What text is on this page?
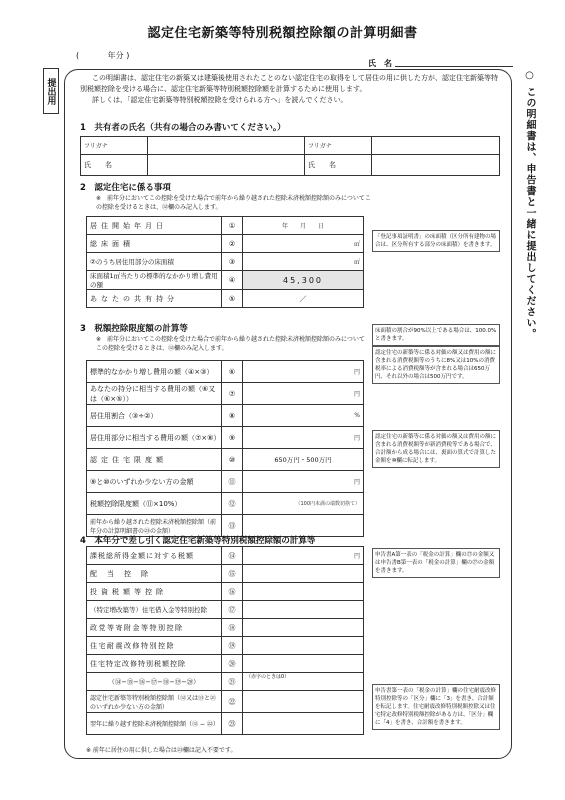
認定住宅新築等特別税額控除額の計算明細書
(	年分 )
氏　名
提出用	○ この明細書は、申告書と一緒に提出してください。
この明細書は、認定住宅の新築又は建築後使用されたことのない認定住宅の取得をして居住の用に供した方が、認定住宅新築等特別税額控除を受ける場合に、認定住宅新築等特別税額控除額を計算するために使用します。
詳しくは、「認定住宅新築等特別税額控除を受けられる方へ」を読んでください。
1　共有者の氏名（共有の場合のみ書いてください。）
フリガナ		フリガナ	
氏　　名		氏　　名	
2　認定住宅に係る事項
※　前年分においてこの控除を受けた場合で前年から繰り越された控除未済税額控除額のみについてこの控除を受けるときは、⑫欄のみ記入します。
居住開始年月日	①	年　　月　　日
総床面積	②	㎡
②のうち居住用部分の床面積	③	㎡
床面積1㎡当たりの標準的なかかり増し費用の額	④	45,300
あなたの共有持分	⑤	／
「登記事項証明書」の床面積（区分所有建物の場合は、区分所有する部分の床面積）を書きます。
3　税額控除限度額の計算等
※　前年分においてこの控除を受けた場合で前年から繰り越された控除未済税額控除額のみについてこの控除を受けるときは、⑫欄のみ記入します。
標準的なかかり増し費用の額（④×③）	⑥	円
あなたの持分に相当する費用の額（⑥又は（⑥×⑤））	⑦	円
居住用割合（③÷②）	⑧	%
居住用部分に相当する費用の額（⑦×⑧）	⑨	円
認定住宅限度額	⑩	650万円・500万円
⑨と⑩のいずれか少ない方の金額	⑪	円
税額控除限度額（⑪×10%）	⑫	（100円未満の端数切捨て）
前年から繰り越された控除未済税額控除額（前年分の計算明細書の㉓の金額）	⑬	
床面積の割合が90%以上である場合は、100.0%と書きます。
認定住宅の新築等に係る対価の額又は費用の額に含まれる消費税額等のうちに8%又は10%の消費税率による消費税額等が含まれる場合は650万円、それ以外の場合は500万円です。
認定住宅の新築等に係る対価の額又は費用の額に含まれる消費税額等が新消費税等である場合で、合計額から成る場合には、裏面の算式で計算した金額を⑩欄に転記します。
4　本年分で差し引く認定住宅新築等特別税額控除額の計算等
課税総所得金額に対する税額	⑭	円
配当控除	⑮	
投資税額等控除	⑯	
（特定増改築等）住宅借入金等特別控除	⑰	
政党等寄附金等特別控除	⑱	
住宅耐震改修特別控除	⑲	
住宅特定改修特別税額控除	⑳	
（⑭−⑮−⑯−⑰−⑱−⑲−⑳）	㉑	（赤字のときは0）
認定住宅新築等特別税額控除額（⑫又は⑬と㉑のいずれか少ない方の金額）	㉒	
翌年に繰り越す控除未済税額控除額（⑫ − ㉒）	㉓	
申告書A第一表の「税金の計算」欄の㉗の金額又は申告書B第一表の「税金の計算」欄の㉗の金額を書きます。
申告書第一表の「税金の計算」欄の住宅耐震改修特別控除等の「区分」欄に「3」を書き、合計額を転記します。住宅耐震改修特別税額控除又は住宅特定改修特別税額控除がある方は、「区分」欄に「4」を書き、合計額を書きます。
※ 前年に居住の用に供した場合は㉓欄は記入不要です。
